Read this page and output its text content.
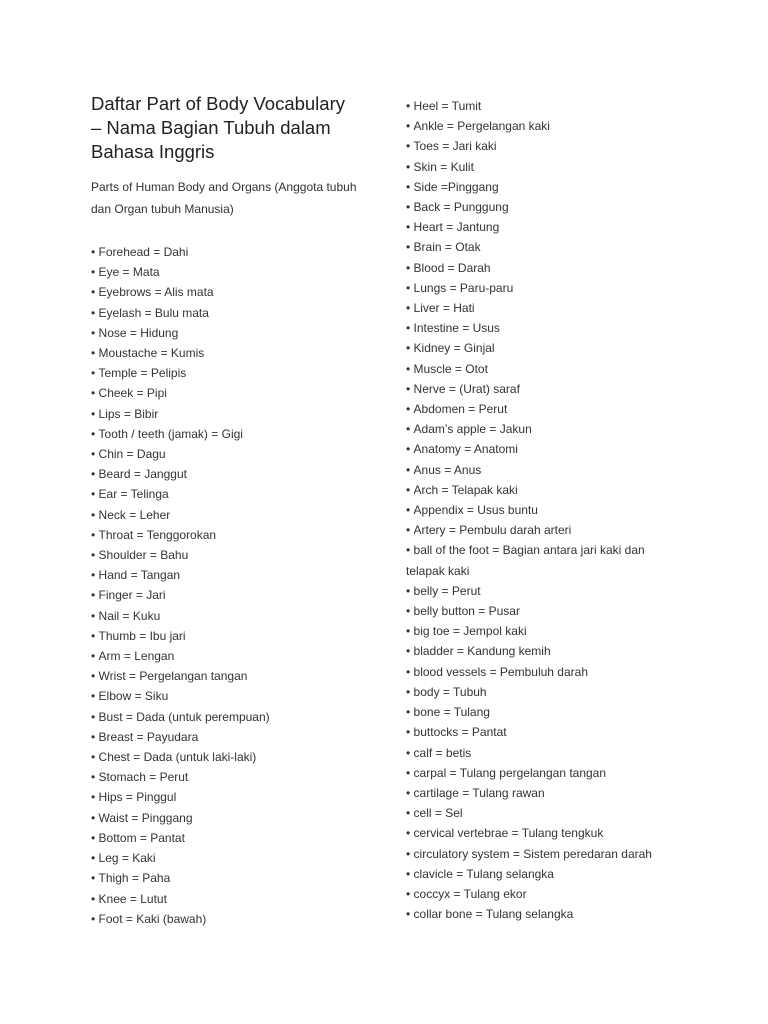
Daftar Part of Body Vocabulary
– Nama Bagian Tubuh dalam
Bahasa Inggris
Parts of Human Body and Organs (Anggota tubuh
dan Organ tubuh Manusia)
• Forehead = Dahi
• Eye = Mata
• Eyebrows = Alis mata
• Eyelash = Bulu mata
• Nose = Hidung
• Moustache = Kumis
• Temple = Pelipis
• Cheek = Pipi
• Lips = Bibir
• Tooth / teeth (jamak) = Gigi
• Chin = Dagu
• Beard = Janggut
• Ear = Telinga
• Neck = Leher
• Throat = Tenggorokan
• Shoulder = Bahu
• Hand = Tangan
• Finger = Jari
• Nail = Kuku
• Thumb = Ibu jari
• Arm = Lengan
• Wrist = Pergelangan tangan
• Elbow = Siku
• Bust = Dada (untuk perempuan)
• Breast = Payudara
• Chest = Dada (untuk laki-laki)
• Stomach = Perut
• Hips = Pinggul
• Waist = Pinggang
• Bottom = Pantat
• Leg = Kaki
• Thigh = Paha
• Knee = Lutut
• Foot = Kaki (bawah)
• Heel = Tumit
• Ankle = Pergelangan kaki
• Toes = Jari kaki
• Skin = Kulit
• Side =Pinggang
• Back = Punggung
• Heart = Jantung
• Brain = Otak
• Blood = Darah
• Lungs = Paru-paru
• Liver = Hati
• Intestine = Usus
• Kidney = Ginjal
• Muscle = Otot
• Nerve = (Urat) saraf
• Abdomen = Perut
• Adam’s apple = Jakun
• Anatomy = Anatomi
• Anus = Anus
• Arch = Telapak kaki
• Appendix = Usus buntu
• Artery = Pembulu darah arteri
• ball of the foot = Bagian antara jari kaki dan telapak kaki
• belly = Perut
• belly button = Pusar
• big toe = Jempol kaki
• bladder = Kandung kemih
• blood vessels = Pembuluh darah
• body = Tubuh
• bone = Tulang
• buttocks = Pantat
• calf = betis
• carpal = Tulang pergelangan tangan
• cartilage = Tulang rawan
• cell = Sel
• cervical vertebrae = Tulang tengkuk
• circulatory system = Sistem peredaran darah
• clavicle = Tulang selangka
• coccyx = Tulang ekor
• collar bone = Tulang selangka
